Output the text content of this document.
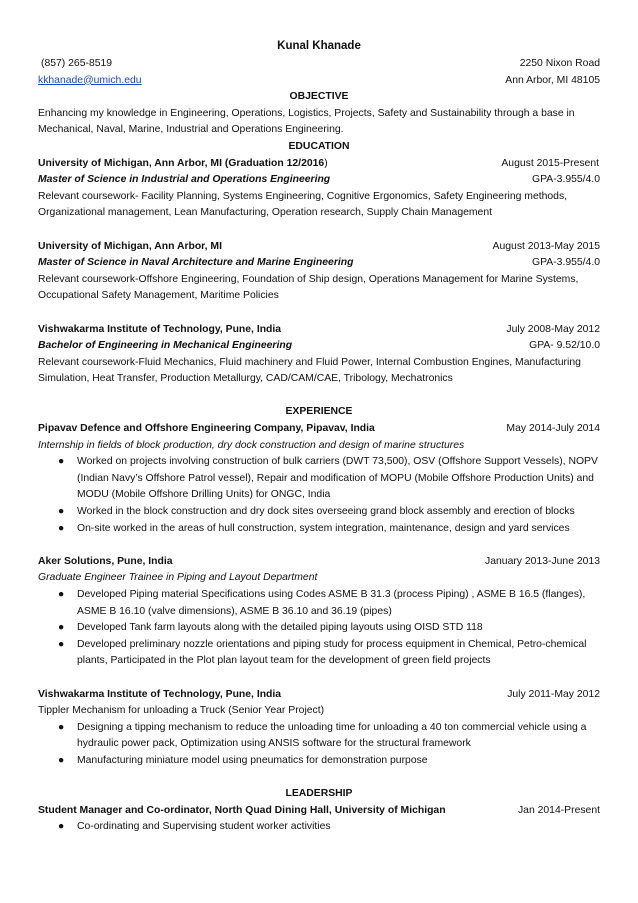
Kunal Khanade
(857) 265-8519	2250 Nixon Road
kkhanade@umich.edu	Ann Arbor, MI 48105
OBJECTIVE
Enhancing my knowledge in Engineering, Operations, Logistics, Projects, Safety and Sustainability through a base in Mechanical, Naval, Marine, Industrial and Operations Engineering.
EDUCATION
University of Michigan, Ann Arbor, MI (Graduation 12/2016)	August 2015-Present
Master of Science in Industrial and Operations Engineering	GPA-3.955/4.0
Relevant coursework- Facility Planning, Systems Engineering, Cognitive Ergonomics, Safety Engineering methods, Organizational management, Lean Manufacturing, Operation research, Supply Chain Management
University of Michigan, Ann Arbor, MI	August 2013-May 2015
Master of Science in Naval Architecture and Marine Engineering	GPA-3.955/4.0
Relevant coursework-Offshore Engineering, Foundation of Ship design, Operations Management for Marine Systems, Occupational Safety Management, Maritime Policies
Vishwakarma Institute of Technology, Pune, India	July 2008-May 2012
Bachelor of Engineering in Mechanical Engineering	GPA- 9.52/10.0
Relevant coursework-Fluid Mechanics, Fluid machinery and Fluid Power, Internal Combustion Engines, Manufacturing Simulation, Heat Transfer, Production Metallurgy, CAD/CAM/CAE, Tribology, Mechatronics
EXPERIENCE
Pipavav Defence and Offshore Engineering Company, Pipavav, India	May 2014-July 2014
Internship in fields of block production, dry dock construction and design of marine structures
● Worked on projects involving construction of bulk carriers (DWT 73,500), OSV (Offshore Support Vessels), NOPV (Indian Navy’s Offshore Patrol vessel), Repair and modification of MOPU (Mobile Offshore Production Units) and MODU (Mobile Offshore Drilling Units) for ONGC, India
● Worked in the block construction and dry dock sites overseeing grand block assembly and erection of blocks
● On-site worked in the areas of hull construction, system integration, maintenance, design and yard services
Aker Solutions, Pune, India	January 2013-June 2013
Graduate Engineer Trainee in Piping and Layout Department
● Developed Piping material Specifications using Codes ASME B 31.3 (process Piping) , ASME B 16.5 (flanges), ASME B 16.10 (valve dimensions), ASME B 36.10 and 36.19 (pipes)
● Developed Tank farm layouts along with the detailed piping layouts using OISD STD 118
● Developed preliminary nozzle orientations and piping study for process equipment in Chemical, Petro-chemical plants, Participated in the Plot plan layout team for the development of green field projects
Vishwakarma Institute of Technology, Pune, India	July 2011-May 2012
Tippler Mechanism for unloading a Truck (Senior Year Project)
● Designing a tipping mechanism to reduce the unloading time for unloading a 40 ton commercial vehicle using a hydraulic power pack, Optimization using ANSIS software for the structural framework
● Manufacturing miniature model using pneumatics for demonstration purpose
LEADERSHIP
Student Manager and Co-ordinator, North Quad Dining Hall, University of Michigan	Jan 2014-Present
● Co-ordinating and Supervising student worker activities
